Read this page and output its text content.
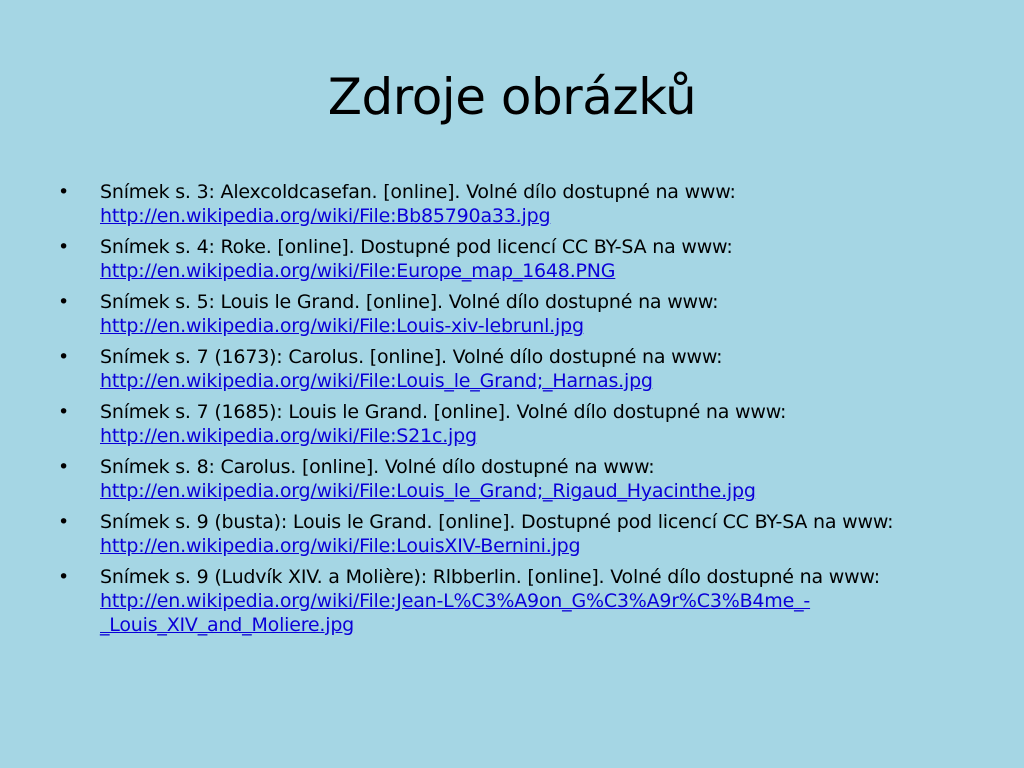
Zdroje obrázků
•	Snímek s. 3: Alexcoldcasefan. [online]. Volné dílo dostupné na www:
http://en.wikipedia.org/wiki/File:Bb85790a33.jpg
•	Snímek s. 4: Roke. [online]. Dostupné pod licencí CC BY-SA na www:
http://en.wikipedia.org/wiki/File:Europe_map_1648.PNG
•	Snímek s. 5: Louis le Grand. [online]. Volné dílo dostupné na www:
http://en.wikipedia.org/wiki/File:Louis-xiv-lebrunl.jpg
•	Snímek s. 7 (1673): Carolus. [online]. Volné dílo dostupné na www:
http://en.wikipedia.org/wiki/File:Louis_le_Grand;_Harnas.jpg
•	Snímek s. 7 (1685): Louis le Grand. [online]. Volné dílo dostupné na www:
http://en.wikipedia.org/wiki/File:S21c.jpg
•	Snímek s. 8: Carolus. [online]. Volné dílo dostupné na www:
http://en.wikipedia.org/wiki/File:Louis_le_Grand;_Rigaud_Hyacinthe.jpg
•	Snímek s. 9 (busta): Louis le Grand. [online]. Dostupné pod licencí CC BY-SA na www: http://en.wikipedia.org/wiki/File:LouisXIV-Bernini.jpg
•	Snímek s. 9 (Ludvík XIV. a Molière): Rlbberlin. [online]. Volné dílo dostupné na www: http://en.wikipedia.org/wiki/File:Jean-L%C3%A9on_G%C3%A9r%C3%B4me_-_Louis_XIV_and_Moliere.jpg
